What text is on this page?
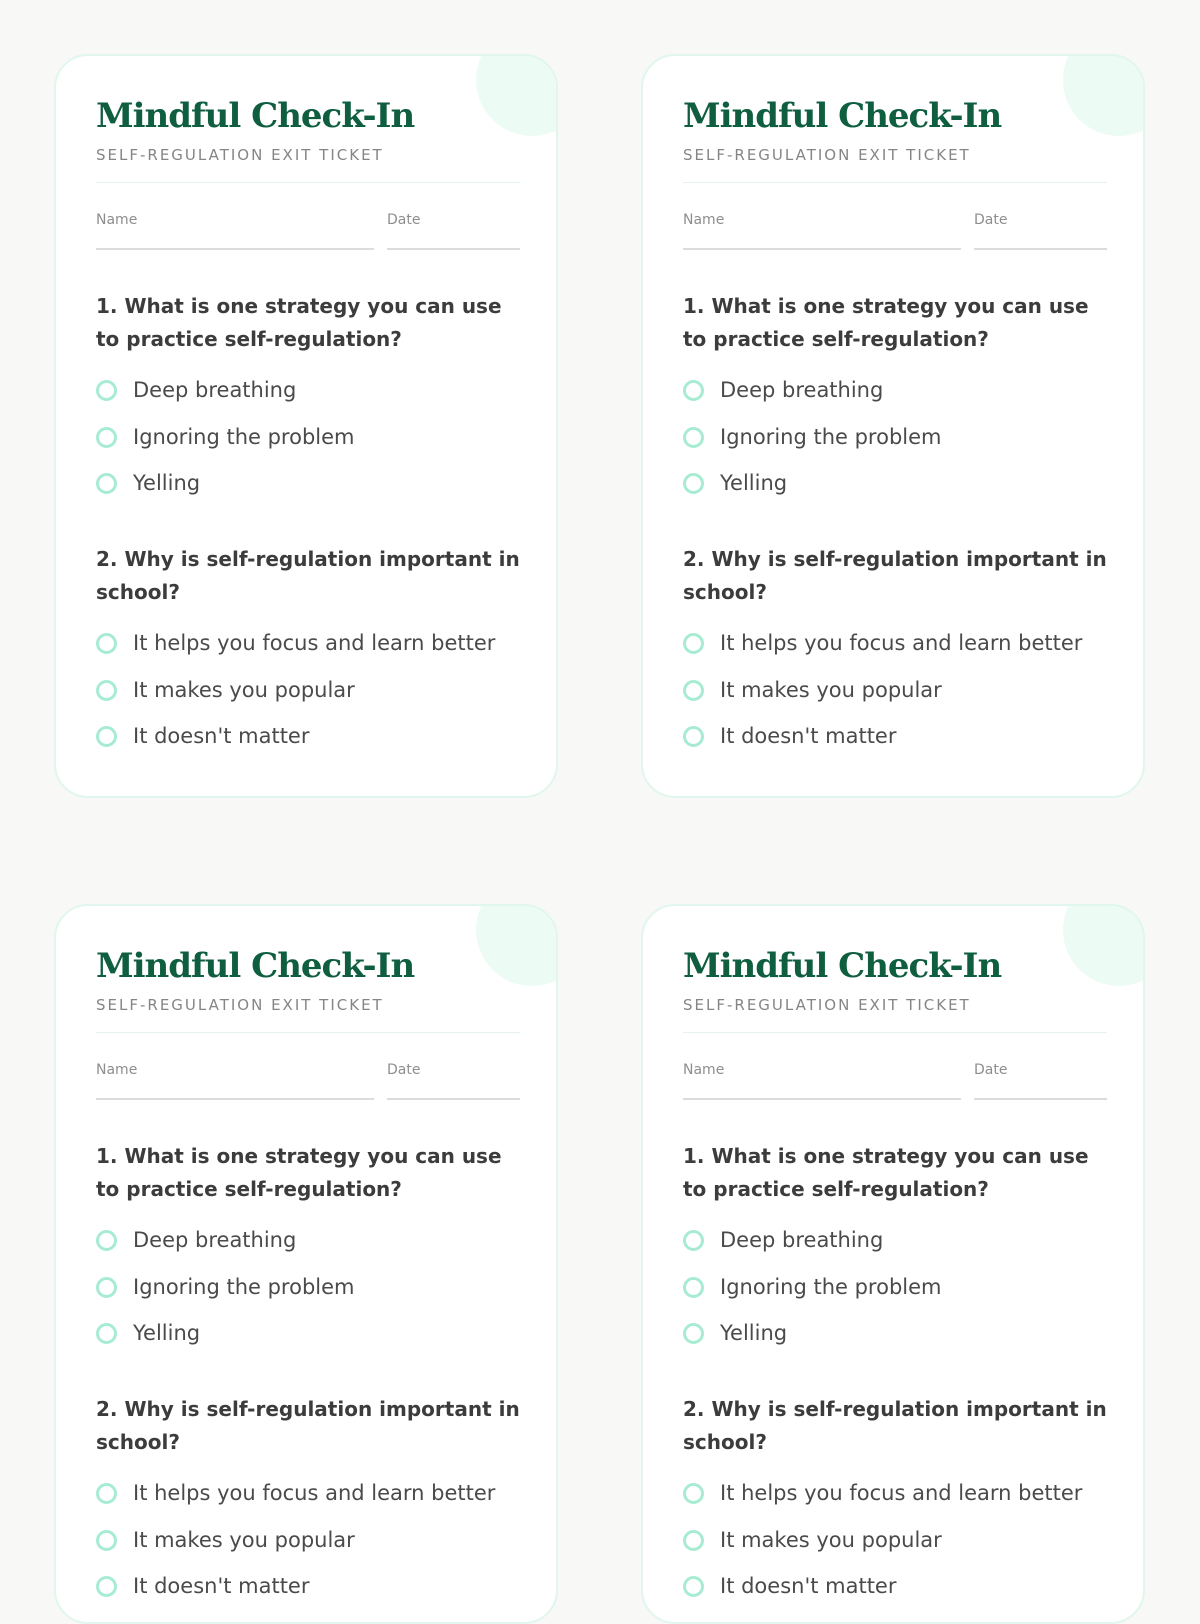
Mindful Check-In
SELF-REGULATION EXIT TICKET
Name	Date

1. What is one strategy you can use to practice self-regulation?

Deep breathing
Ignoring the problem
Yelling

2. Why is self-regulation important in school?

It helps you focus and learn better
It makes you popular
It doesn't matter
Mindful Check-In
SELF-REGULATION EXIT TICKET
Name	Date

1. What is one strategy you can use to practice self-regulation?

Deep breathing
Ignoring the problem
Yelling

2. Why is self-regulation important in school?

It helps you focus and learn better
It makes you popular
It doesn't matter
Mindful Check-In
SELF-REGULATION EXIT TICKET
Name	Date

1. What is one strategy you can use to practice self-regulation?

Deep breathing
Ignoring the problem
Yelling

2. Why is self-regulation important in school?

It helps you focus and learn better
It makes you popular
It doesn't matter
Mindful Check-In
SELF-REGULATION EXIT TICKET
Name	Date

1. What is one strategy you can use to practice self-regulation?

Deep breathing
Ignoring the problem
Yelling

2. Why is self-regulation important in school?

It helps you focus and learn better
It makes you popular
It doesn't matter
